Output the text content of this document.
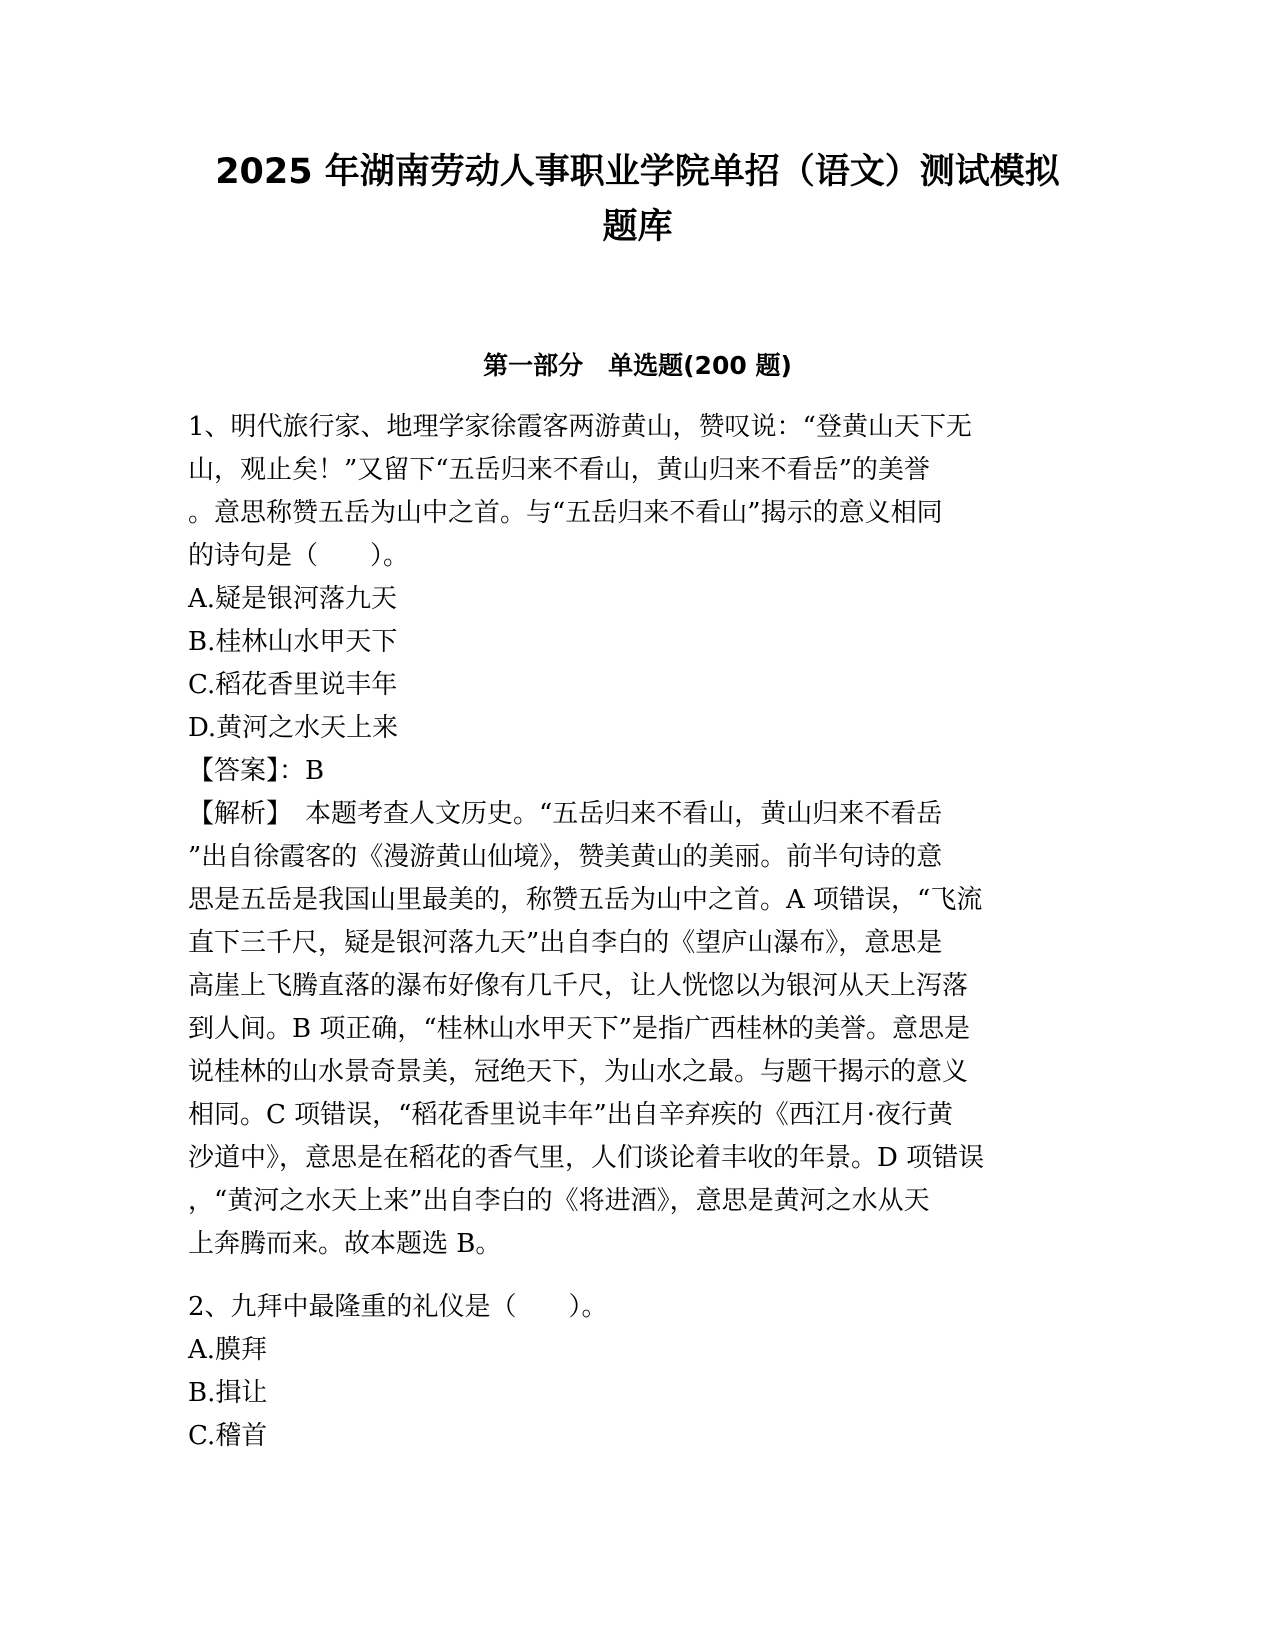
2025 年湖南劳动人事职业学院单招（语文）测试模拟
题库
第一部分　单选题(200 题)
1、明代旅行家、地理学家徐霞客两游黄山，赞叹说：“登黄山天下无
山，观止矣！”又留下“五岳归来不看山，黄山归来不看岳”的美誉
。意思称赞五岳为山中之首。与“五岳归来不看山”揭示的意义相同
的诗句是（　　）。
A.疑是银河落九天
B.桂林山水甲天下
C.稻花香里说丰年
D.黄河之水天上来
【答案】：B
【解析】　本题考查人文历史。“五岳归来不看山，黄山归来不看岳
”出自徐霞客的《漫游黄山仙境》，赞美黄山的美丽。前半句诗的意
思是五岳是我国山里最美的，称赞五岳为山中之首。A 项错误，“飞流
直下三千尺，疑是银河落九天”出自李白的《望庐山瀑布》，意思是
高崖上飞腾直落的瀑布好像有几千尺，让人恍惚以为银河从天上泻落
到人间。B 项正确，“桂林山水甲天下”是指广西桂林的美誉。意思是
说桂林的山水景奇景美，冠绝天下，为山水之最。与题干揭示的意义
相同。C 项错误，“稻花香里说丰年”出自辛弃疾的《西江月·夜行黄
沙道中》，意思是在稻花的香气里，人们谈论着丰收的年景。D 项错误
，“黄河之水天上来”出自李白的《将进酒》，意思是黄河之水从天
上奔腾而来。故本题选 B。
2、九拜中最隆重的礼仪是（　　）。
A.膜拜
B.揖让
C.稽首
